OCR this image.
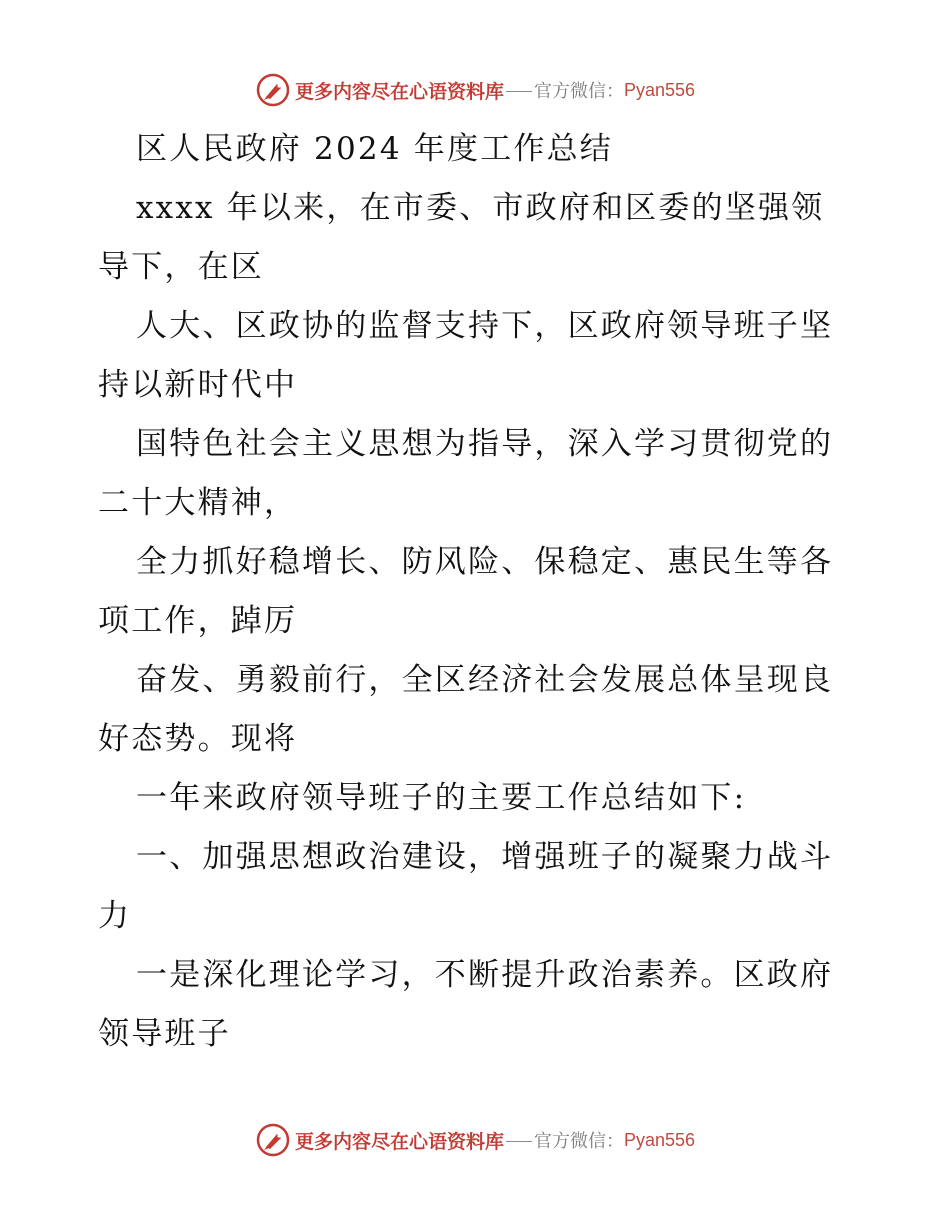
更多内容尽在心语资料库 官方微信： Pyan556
区人民政府 2024 年度工作总结
xxxx 年以来，在市委、市政府和区委的坚强领
导下，在区
人大、区政协的监督支持下，区政府领导班子坚
持以新时代中
国特色社会主义思想为指导，深入学习贯彻党的
二十大精神，
全力抓好稳增长、防风险、保稳定、惠民生等各
项工作，踔厉
奋发、勇毅前行，全区经济社会发展总体呈现良
好态势。现将
一年来政府领导班子的主要工作总结如下:
一、加强思想政治建设，增强班子的凝聚力战斗
力
一是深化理论学习，不断提升政治素养。区政府
领导班子
更多内容尽在心语资料库 官方微信： Pyan556
